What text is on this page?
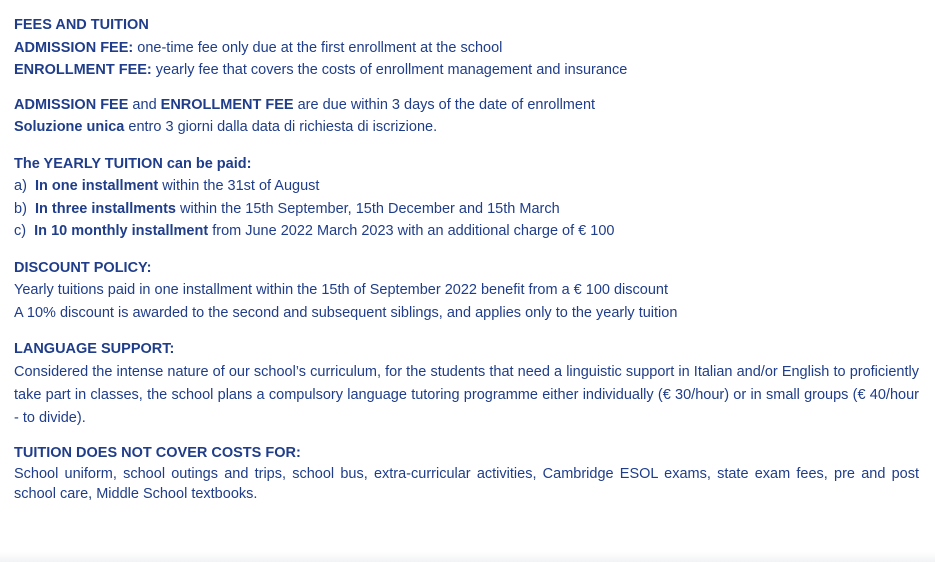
FEES AND TUITION
ADMISSION FEE: one-time fee only due at the first enrollment at the school
ENROLLMENT FEE: yearly fee that covers the costs of enrollment management and insurance
ADMISSION FEE and ENROLLMENT FEE are due within 3 days of the date of enrollment
Soluzione unica entro 3 giorni dalla data di richiesta di iscrizione.
The YEARLY TUITION can be paid:
a) In one installment within the 31st of August
b) In three installments within the 15th September, 15th December and 15th March
c) In 10 monthly installment from June 2022 March 2023 with an additional charge of € 100
DISCOUNT POLICY:
Yearly tuitions paid in one installment within the 15th of September 2022 benefit from a € 100 discount
A 10% discount is awarded to the second and subsequent siblings, and applies only to the yearly tuition
LANGUAGE SUPPORT:
Considered the intense nature of our school’s curriculum, for the students that need a linguistic support in Italian and/or English to proficiently take part in classes, the school plans a compulsory language tutoring programme either individually (€ 30/hour) or in small groups (€ 40/hour - to divide).
TUITION DOES NOT COVER COSTS FOR:
School uniform, school outings and trips, school bus, extra-curricular activities, Cambridge ESOL exams, state exam fees, pre and post school care, Middle School textbooks.
